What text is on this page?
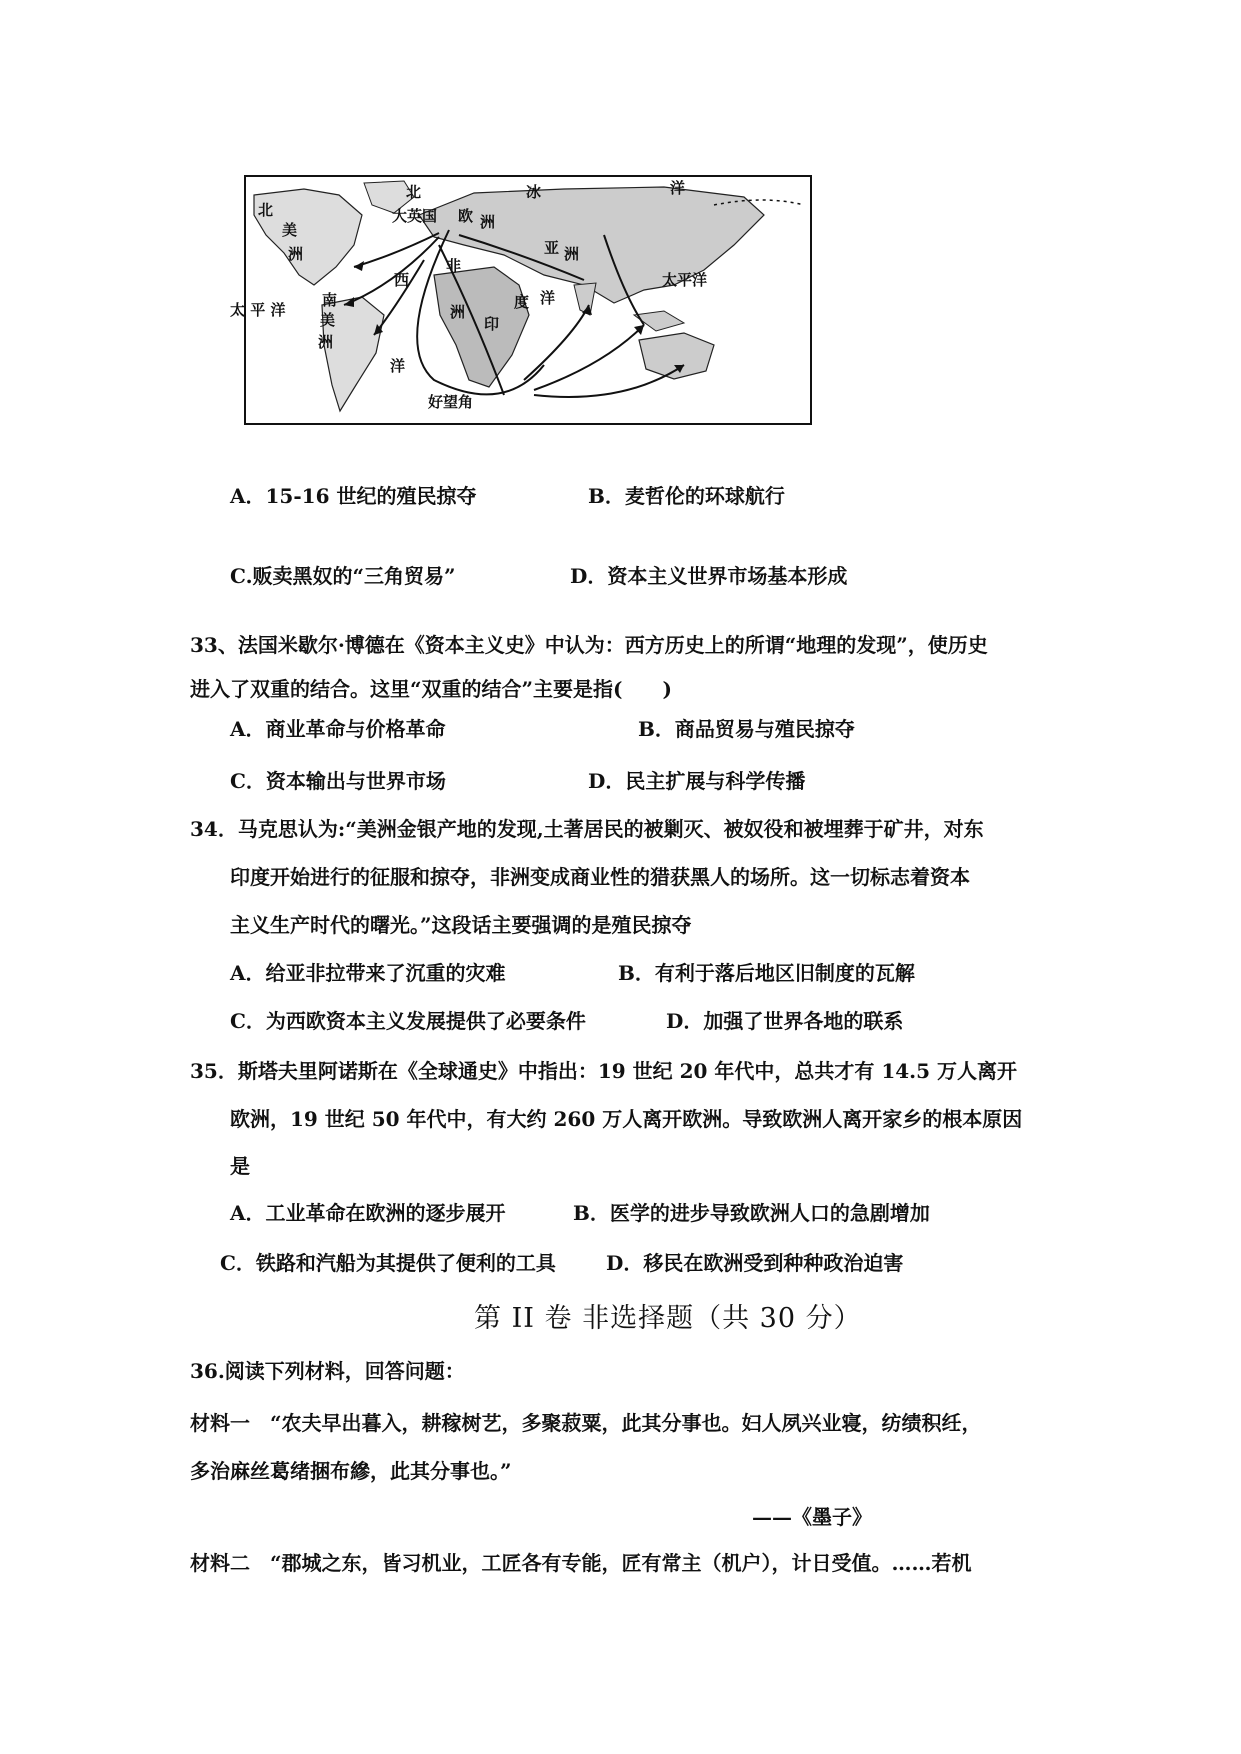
北	冰	洋
北
美
洲
大英国 欧 洲
亚 洲
太平洋
西
非
洲
太 平 洋
南
美
洲
印
度 洋
洋
好望角
A．15-16 世纪的殖民掠夺	B．麦哲伦的环球航行
C.贩卖黑奴的“三角贸易”	D．资本主义世界市场基本形成
33、法国米歇尔·博德在《资本主义史》中认为：西方历史上的所谓“地理的发现”，使历史
进入了双重的结合。这里“双重的结合”主要是指(　　)
A．商业革命与价格革命	B．商品贸易与殖民掠夺
C．资本输出与世界市场	D．民主扩展与科学传播
34．马克思认为:“美洲金银产地的发现,土著居民的被剿灭、被奴役和被埋葬于矿井，对东
印度开始进行的征服和掠夺，非洲变成商业性的猎获黑人的场所。这一切标志着资本
主义生产时代的曙光。”这段话主要强调的是殖民掠夺
A．给亚非拉带来了沉重的灾难	B．有利于落后地区旧制度的瓦解
C．为西欧资本主义发展提供了必要条件	D．加强了世界各地的联系
35．斯塔夫里阿诺斯在《全球通史》中指出：19 世纪 20 年代中，总共才有 14.5 万人离开
欧洲，19 世纪 50 年代中，有大约 260 万人离开欧洲。导致欧洲人离开家乡的根本原因
是
A．工业革命在欧洲的逐步展开	B．医学的进步导致欧洲人口的急剧增加
C．铁路和汽船为其提供了便利的工具	D．移民在欧洲受到种种政治迫害
第 II 卷 非选择题（共 30 分）
36.阅读下列材料，回答问题：
材料一　“农夫早出暮入，耕稼树艺，多聚菽粟，此其分事也。妇人夙兴业寝，纺绩积纴，
多治麻丝葛绪捆布縿，此其分事也。”
——《墨子》
材料二　“郡城之东，皆习机业，工匠各有专能，匠有常主（机户），计日受值。……若机
